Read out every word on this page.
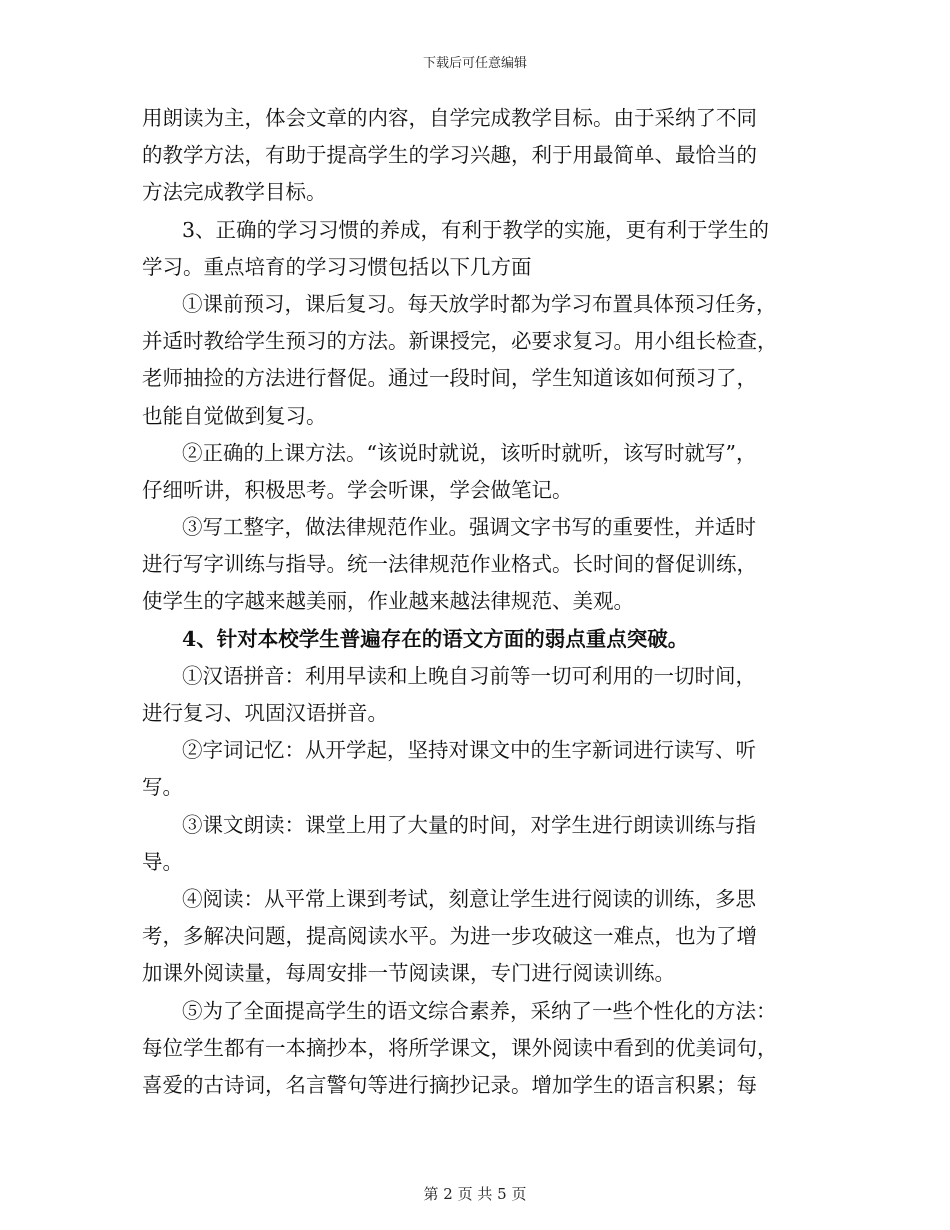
下载后可任意编辑
用朗读为主，体会文章的内容，自学完成教学目标。由于采纳了不同
的教学方法，有助于提高学生的学习兴趣，利于用最简单、最恰当的
方法完成教学目标。
3、正确的学习习惯的养成，有利于教学的实施，更有利于学生的
学习。重点培育的学习习惯包括以下几方面
①课前预习，课后复习。每天放学时都为学习布置具体预习任务，
并适时教给学生预习的方法。新课授完，必要求复习。用小组长检查，
老师抽捡的方法进行督促。通过一段时间，学生知道该如何预习了，
也能自觉做到复习。
②正确的上课方法。“该说时就说，该听时就听，该写时就写”，
仔细听讲，积极思考。学会听课，学会做笔记。
③写工整字，做法律规范作业。强调文字书写的重要性，并适时
进行写字训练与指导。统一法律规范作业格式。长时间的督促训练，
使学生的字越来越美丽，作业越来越法律规范、美观。
4、针对本校学生普遍存在的语文方面的弱点重点突破。
①汉语拼音：利用早读和上晚自习前等一切可利用的一切时间，
进行复习、巩固汉语拼音。
②字词记忆：从开学起，坚持对课文中的生字新词进行读写、听
写。
③课文朗读：课堂上用了大量的时间，对学生进行朗读训练与指
导。
④阅读：从平常上课到考试，刻意让学生进行阅读的训练，多思
考，多解决问题，提高阅读水平。为进一步攻破这一难点，也为了增
加课外阅读量，每周安排一节阅读课，专门进行阅读训练。
⑤为了全面提高学生的语文综合素养，采纳了一些个性化的方法：
每位学生都有一本摘抄本，将所学课文，课外阅读中看到的优美词句，
喜爱的古诗词，名言警句等进行摘抄记录。增加学生的语言积累；每
第 2 页 共 5 页
